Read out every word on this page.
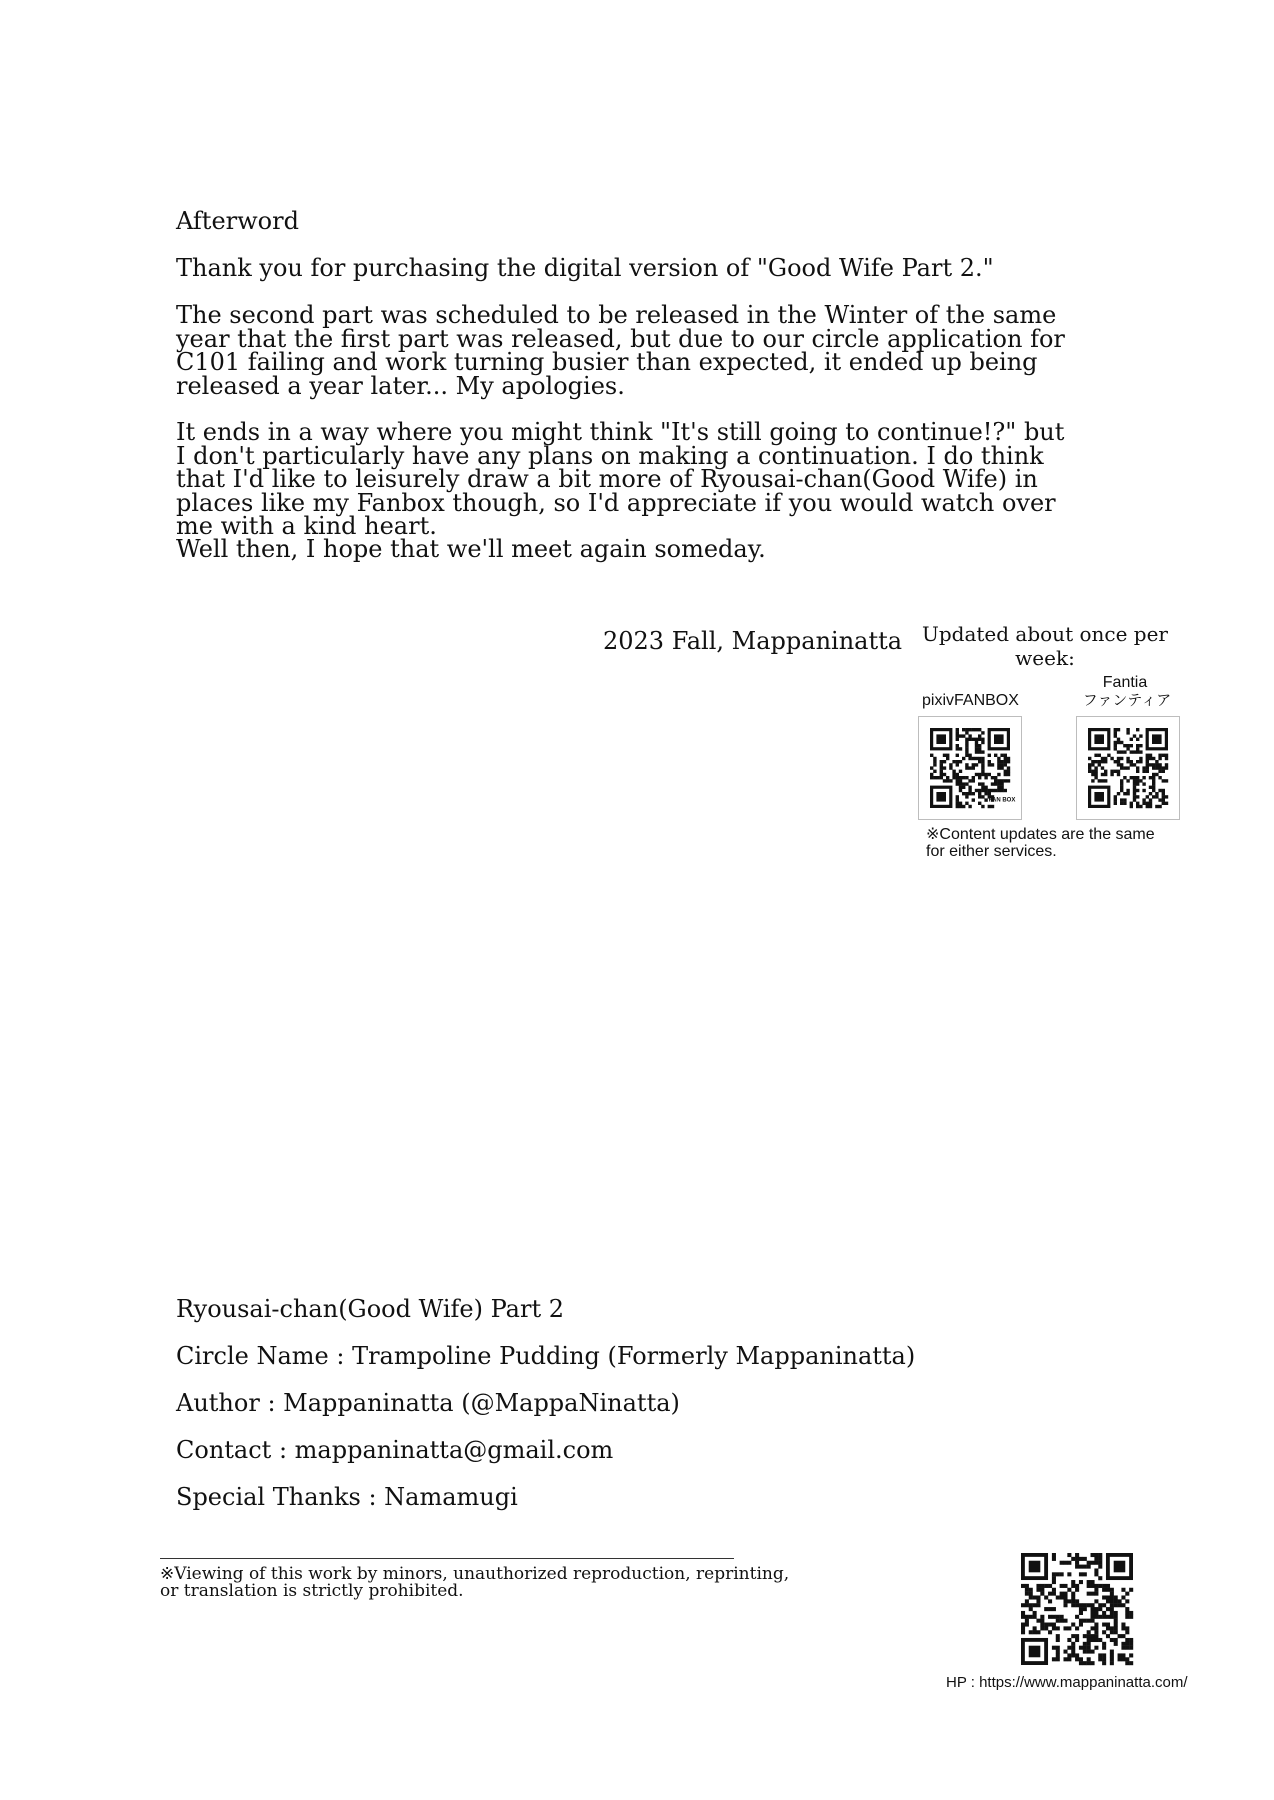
Afterword
Thank you for purchasing the digital version of "Good Wife Part 2."
The second part was scheduled to be released in the Winter of the same year that the first part was released, but due to our circle application for C101 failing and work turning busier than expected, it ended up being released a year later... My apologies.
It ends in a way where you might think "It's still going to continue!?" but I don't particularly have any plans on making a continuation. I do think that I'd like to leisurely draw a bit more of Ryousai-chan(Good Wife) in places like my Fanbox though, so I'd appreciate if you would watch over me with a kind heart.
Well then, I hope that we'll meet again someday.
2023 Fall, Mappaninatta Updated about once per week:
Fantia
ファンティア
pixivFANBOX
FAN BOX
※Content updates are the same for either services.
Ryousai-chan(Good Wife) Part 2
Circle Name : Trampoline Pudding (Formerly Mappaninatta)
Author : Mappaninatta (@MappaNinatta)
Contact : mappaninatta@gmail.com
Special Thanks : Namamugi
※Viewing of this work by minors, unauthorized reproduction, reprinting, or translation is strictly prohibited.
HP : https://www.mappaninatta.com/
